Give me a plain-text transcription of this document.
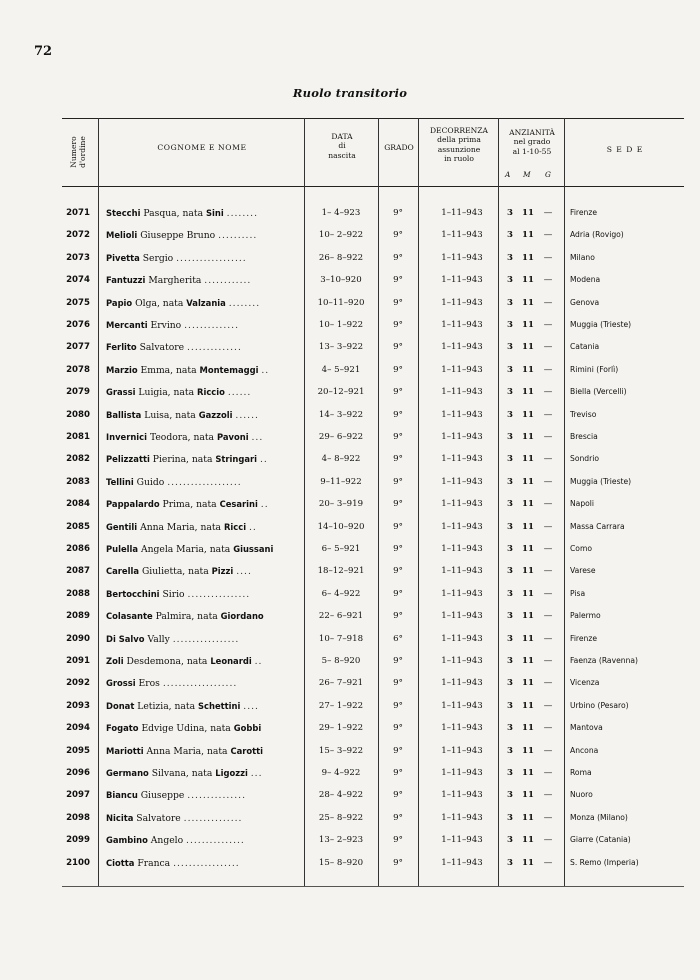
72
Ruolo transitorio
Numero d'ordine	COGNOME E NOME
DATA
di
nascita
GRADO
DECORRENZA
della prima
assunzione
in ruolo
ANZIANITÀ
nel grado
al 1-10-55
A M G
S E D E
2071 Stecchi Pasqua, nata Sini ........	1– 4–923	9°	1–11–943	3	11	—	Firenze
2072 Melioli Giuseppe Bruno ..........	10– 2–922	9°	1–11–943	3	11	—	Adria (Rovigo)
2073 Pivetta Sergio ..................	26– 8–922	9°	1–11–943	3	11	—	Milano
2074 Fantuzzi Margherita ............	3–10–920	9°	1–11–943	3	11	—	Modena
2075 Papio Olga, nata Valzania ........	10–11–920	9°	1–11–943	3	11	—	Genova
2076 Mercanti Ervino ..............	10– 1–922	9°	1–11–943	3	11	—	Muggia (Trieste)
2077 Ferlito Salvatore ..............	13– 3–922	9°	1–11–943	3	11	—	Catania
2078 Marzio Emma, nata Montemaggi ..	4– 5–921	9°	1–11–943	3	11	—	Rimini (Forlì)
2079 Grassi Luigia, nata Riccio ......	20–12–921	9°	1–11–943	3	11	—	Biella (Vercelli)
2080 Ballista Luisa, nata Gazzoli ......	14– 3–922	9°	1–11–943	3	11	—	Treviso
2081 Invernici Teodora, nata Pavoni ...	29– 6–922	9°	1–11–943	3	11	—	Brescia
2082 Pelizzatti Pierina, nata Stringari ..	4– 8–922	9°	1–11–943	3	11	—	Sondrio
2083 Tellini Guido ...................	9–11–922	9°	1–11–943	3	11	—	Muggia (Trieste)
2084 Pappalardo Prima, nata Cesarini ..	20– 3–919	9°	1–11–943	3	11	—	Napoli
2085 Gentili Anna Maria, nata Ricci ..	14–10–920	9°	1–11–943	3	11	—	Massa Carrara
2086 Pulella Angela Maria, nata Giussani	6– 5–921	9°	1–11–943	3	11	—	Como
2087 Carella Giulietta, nata Pizzi ....	18–12–921	9°	1–11–943	3	11	—	Varese
2088 Bertocchini Sirio ................	6– 4–922	9°	1–11–943	3	11	—	Pisa
2089 Colasante Palmira, nata Giordano	22– 6–921	9°	1–11–943	3	11	—	Palermo
2090 Di Salvo Vally .................	10– 7–918	6°	1–11–943	3	11	—	Firenze
2091 Zoli Desdemona, nata Leonardi ..	5– 8–920	9°	1–11–943	3	11	—	Faenza (Ravenna)
2092 Grossi Eros ...................	26– 7–921	9°	1–11–943	3	11	—	Vicenza
2093 Donat Letizia, nata Schettini ....	27– 1–922	9°	1–11–943	3	11	—	Urbino (Pesaro)
2094 Fogato Edvige Udina, nata Gobbi	29– 1–922	9°	1–11–943	3	11	—	Mantova
2095 Mariotti Anna Maria, nata Carotti	15– 3–922	9°	1–11–943	3	11	—	Ancona
2096 Germano Silvana, nata Ligozzi ...	9– 4–922	9°	1–11–943	3	11	—	Roma
2097 Biancu Giuseppe ...............	28– 4–922	9°	1–11–943	3	11	—	Nuoro
2098 Nicita Salvatore ...............	25– 8–922	9°	1–11–943	3	11	—	Monza (Milano)
2099 Gambino Angelo ...............	13– 2–923	9°	1–11–943	3	11	—	Giarre (Catania)
2100 Ciotta Franca .................	15– 8–920	9°	1–11–943	3	11	—	S. Remo (Imperia)
